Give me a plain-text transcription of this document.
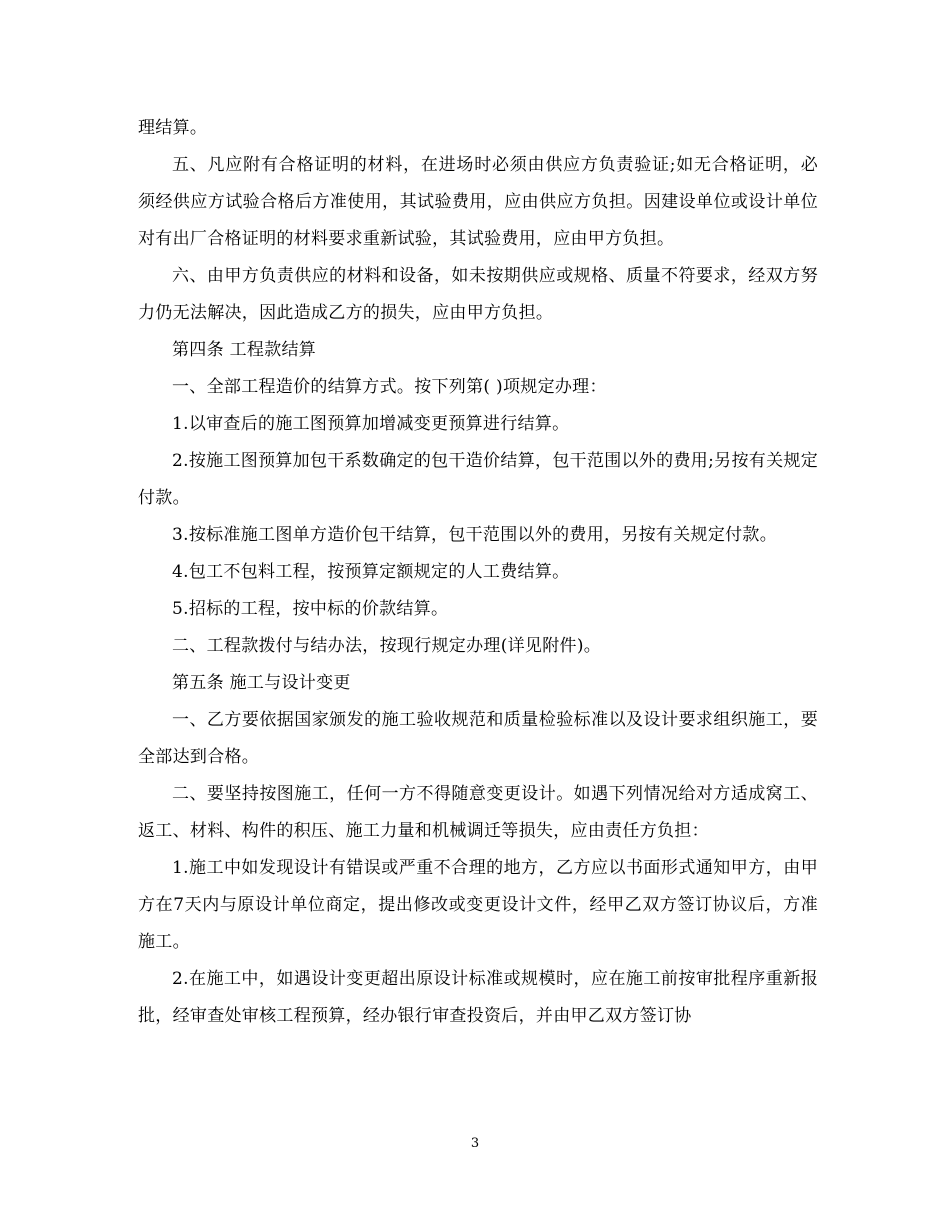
理结算。

五、凡应附有合格证明的材料，在进场时必须由供应方负责验证;如无合格证明，必须经供应方试验合格后方准使用，其试验费用，应由供应方负担。因建设单位或设计单位对有出厂合格证明的材料要求重新试验，其试验费用，应由甲方负担。

六、由甲方负责供应的材料和设备，如未按期供应或规格、质量不符要求，经双方努力仍无法解决，因此造成乙方的损失，应由甲方负担。

第四条 工程款结算

一、全部工程造价的结算方式。按下列第( )项规定办理：

1.以审查后的施工图预算加增减变更预算进行结算。

2.按施工图预算加包干系数确定的包干造价结算，包干范围以外的费用;另按有关规定付款。

3.按标准施工图单方造价包干结算，包干范围以外的费用，另按有关规定付款。

4.包工不包料工程，按预算定额规定的人工费结算。

5.招标的工程，按中标的价款结算。

二、工程款拨付与结办法，按现行规定办理(详见附件)。

第五条 施工与设计变更

一、乙方要依据国家颁发的施工验收规范和质量检验标准以及设计要求组织施工，要全部达到合格。

二、要坚持按图施工，任何一方不得随意变更设计。如遇下列情况给对方适成窝工、返工、材料、构件的积压、施工力量和机械调迁等损失，应由责任方负担：

1.施工中如发现设计有错误或严重不合理的地方，乙方应以书面形式通知甲方，由甲方在7天内与原设计单位商定，提出修改或变更设计文件，经甲乙双方签订协议后，方准施工。

2.在施工中，如遇设计变更超出原设计标准或规模时，应在施工前按审批程序重新报批，经审查处审核工程预算，经办银行审查投资后，并由甲乙双方签订协

3
